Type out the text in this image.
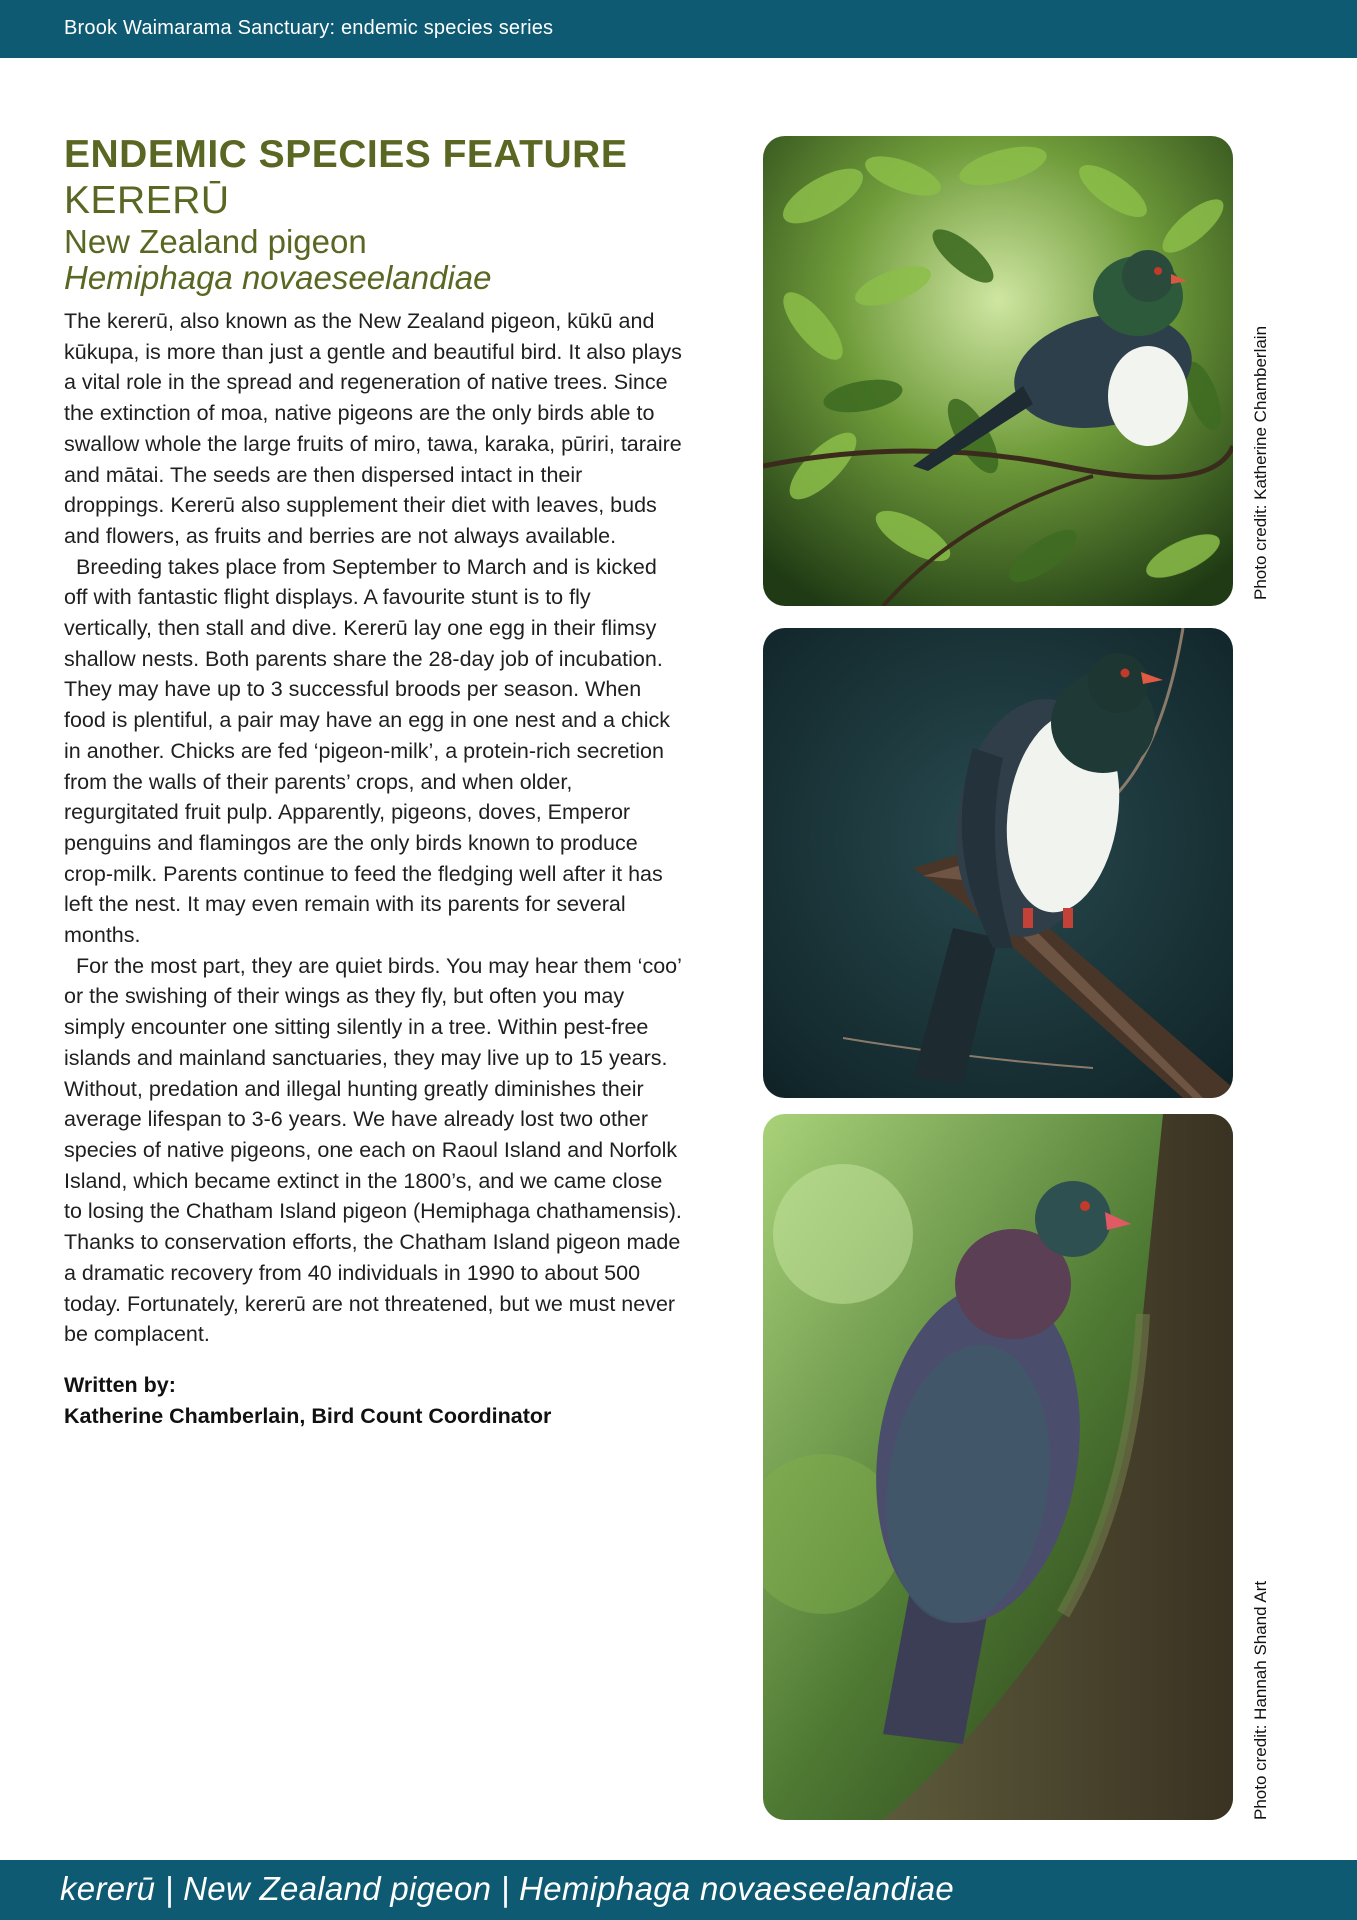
Brook Waimarama Sanctuary: endemic species series
ENDEMIC SPECIES FEATURE
KERERŪ
New Zealand pigeon
Hemiphaga novaeseelandiae

The kererū, also known as the New Zealand pigeon, kūkū and kūkupa, is more than just a gentle and beautiful bird. It also plays a vital role in the spread and regeneration of native trees. Since the extinction of moa, native pigeons are the only birds able to swallow whole the large fruits of miro, tawa, karaka, pūriri, taraire and mātai. The seeds are then dispersed intact in their droppings. Kererū also supplement their diet with leaves, buds and flowers, as fruits and berries are not always available.

Breeding takes place from September to March and is kicked off with fantastic flight displays. A favourite stunt is to fly vertically, then stall and dive. Kererū lay one egg in their flimsy shallow nests. Both parents share the 28-day job of incubation. They may have up to 3 successful broods per season. When food is plentiful, a pair may have an egg in one nest and a chick in another. Chicks are fed ‘pigeon-milk’, a protein-rich secretion from the walls of their parents’ crops, and when older, regurgitated fruit pulp. Apparently, pigeons, doves, Emperor penguins and flamingos are the only birds known to produce crop-milk. Parents continue to feed the fledging well after it has left the nest. It may even remain with its parents for several months.

For the most part, they are quiet birds. You may hear them ‘coo’ or the swishing of their wings as they fly, but often you may simply encounter one sitting silently in a tree. Within pest-free islands and mainland sanctuaries, they may live up to 15 years. Without, predation and illegal hunting greatly diminishes their average lifespan to 3-6 years. We have already lost two other species of native pigeons, one each on Raoul Island and Norfolk Island, which became extinct in the 1800’s, and we came close to losing the Chatham Island pigeon (Hemiphaga chathamensis). Thanks to conservation efforts, the Chatham Island pigeon made a dramatic recovery from 40 individuals in 1990 to about 500 today. Fortunately, kererū are not threatened, but we must never be complacent.

Written by:
Katherine Chamberlain, Bird Count Coordinator
Photo credit: Katherine Chamberlain
Photo credit: Hannah Shand Art
kererū | New Zealand pigeon | Hemiphaga novaeseelandiae
